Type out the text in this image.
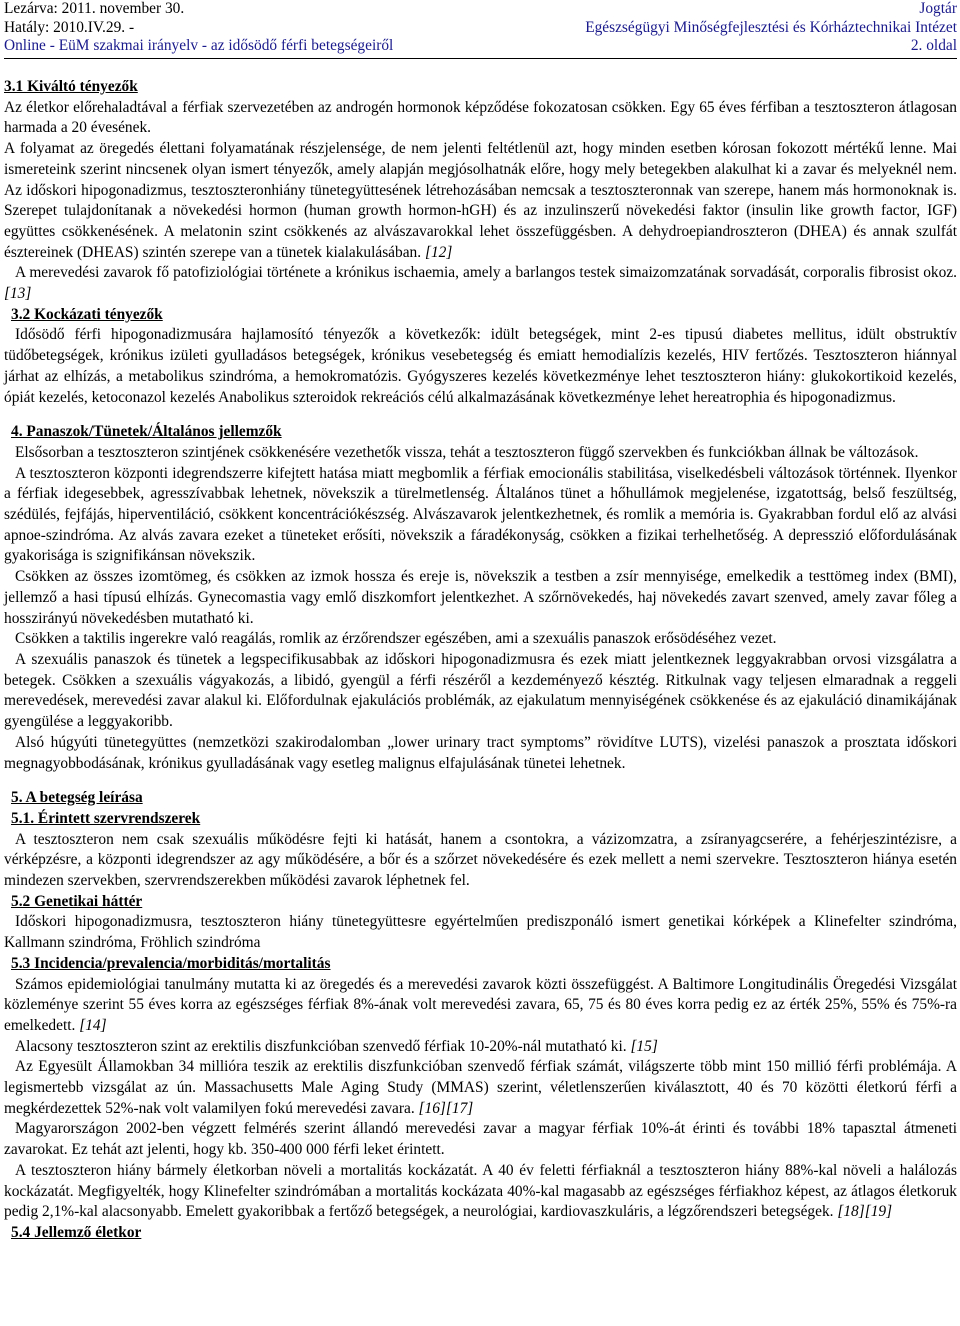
Lezárva: 2011. november 30.	Jogtár
Hatály: 2010.IV.29. -	Egészségügyi Minőségfejlesztési és Kórháztechnikai Intézet
Online - EüM szakmai irányelv - az idősödő férfi betegségeiről	2. oldal

3.1 Kiváltó tényezők

Az életkor előrehaladtával a férfiak szervezetében az androgén hormonok képződése fokozatosan csökken. Egy 65 éves férfiban a tesztoszteron átlagosan harmada a 20 évesének.

A folyamat az öregedés élettani folyamatának részjelensége, de nem jelenti feltétlenül azt, hogy minden esetben kórosan fokozott mértékű lenne. Mai ismereteink szerint nincsenek olyan ismert tényezők, amely alapján megjósolhatnák előre, hogy mely betegekben alakulhat ki a zavar és melyeknél nem. Az időskori hipogonadizmus, tesztoszteronhiány tünetegyüttesének létrehozásában nemcsak a tesztoszteronnak van szerepe, hanem más hormonoknak is. Szerepet tulajdonítanak a növekedési hormon (human growth hormon-hGH) és az inzulinszerű növekedési faktor (insulin like growth factor, IGF) együttes csökkenésének. A melatonin szint csökkenés az alvászavarokkal lehet összefüggésben. A dehydroepiandroszteron (DHEA) és annak szulfát észtereinek (DHEAS) szintén szerepe van a tünetek kialakulásában. [12]

A merevedési zavarok fő patofiziológiai története a krónikus ischaemia, amely a barlangos testek simaizomzatának sorvadását, corporalis fibrosist okoz. [13]

3.2 Kockázati tényezők

Idősödő férfi hipogonadizmusára hajlamosító tényezők a következők: idült betegségek, mint 2-es tipusú diabetes mellitus, idült obstruktív tüdőbetegségek, krónikus izületi gyulladásos betegségek, krónikus vesebetegség és emiatt hemodialízis kezelés, HIV fertőzés. Tesztoszteron hiánnyal járhat az elhízás, a metabolikus szindróma, a hemokromatózis. Gyógyszeres kezelés következménye lehet tesztoszteron hiány: glukokortikoid kezelés, ópiát kezelés, ketoconazol kezelés Anabolikus szteroidok rekreációs célú alkalmazásának következménye lehet hereatrophia és hipogonadizmus.

4. Panaszok/Tünetek/Általános jellemzők

Elsősorban a tesztoszteron szintjének csökkenésére vezethetők vissza, tehát a tesztoszteron függő szervekben és funkciókban állnak be változások.

A tesztoszteron központi idegrendszerre kifejtett hatása miatt megbomlik a férfiak emocionális stabilitása, viselkedésbeli változások történnek. Ilyenkor a férfiak idegesebbek, agresszívabbak lehetnek, növekszik a türelmetlenség. Általános tünet a hőhullámok megjelenése, izgatottság, belső feszültség, szédülés, fejfájás, hiperventiláció, csökkent koncentrációkészség. Alvászavarok jelentkezhetnek, és romlik a memória is. Gyakrabban fordul elő az alvási apnoe-szindróma. Az alvás zavara ezeket a tüneteket erősíti, növekszik a fáradékonyság, csökken a fizikai terhelhetőség. A depresszió előfordulásának gyakorisága is szignifikánsan növekszik.

Csökken az összes izomtömeg, és csökken az izmok hossza és ereje is, növekszik a testben a zsír mennyisége, emelkedik a testtömeg index (BMI), jellemző a hasi típusú elhízás. Gynecomastia vagy emlő diszkomfort jelentkezhet. A szőrnövekedés, haj növekedés zavart szenved, amely zavar főleg a hosszirányú növekedésben mutatható ki.

Csökken a taktilis ingerekre való reagálás, romlik az érzőrendszer egészében, ami a szexuális panaszok erősödéséhez vezet.

A szexuális panaszok és tünetek a legspecifikusabbak az időskori hipogonadizmusra és ezek miatt jelentkeznek leggyakrabban orvosi vizsgálatra a betegek. Csökken a szexuális vágyakozás, a libidó, gyengül a férfi részéről a kezdeményező késztég. Ritkulnak vagy teljesen elmaradnak a reggeli merevedések, merevedési zavar alakul ki. Előfordulnak ejakulációs problémák, az ejakulatum mennyiségének csökkenése és az ejakuláció dinamikájának gyengülése a leggyakoribb.

Alsó húgyúti tünetegyüttes (nemzetközi szakirodalomban „lower urinary tract symptoms” rövidítve LUTS), vizelési panaszok a prosztata időskori megnagyobbodásának, krónikus gyulladásának vagy esetleg malignus elfajulásának tünetei lehetnek.

5. A betegség leírása

5.1. Érintett szervrendszerek

A tesztoszteron nem csak szexuális működésre fejti ki hatását, hanem a csontokra, a vázizomzatra, a zsíranyagcserére, a fehérjeszintézisre, a vérképzésre, a központi idegrendszer az agy működésére, a bőr és a szőrzet növekedésére és ezek mellett a nemi szervekre. Tesztoszteron hiánya esetén mindezen szervekben, szervrendszerekben működési zavarok léphetnek fel.

5.2 Genetikai háttér

Időskori hipogonadizmusra, tesztoszteron hiány tünetegyüttesre egyértelműen prediszponáló ismert genetikai kórképek a Klinefelter szindróma, Kallmann szindróma, Fröhlich szindróma

5.3 Incidencia/prevalencia/morbiditás/mortalitás

Számos epidemiológiai tanulmány mutatta ki az öregedés és a merevedési zavarok közti összefüggést. A Baltimore Longitudinális Öregedési Vizsgálat közleménye szerint 55 éves korra az egészséges férfiak 8%-ának volt merevedési zavara, 65, 75 és 80 éves korra pedig ez az érték 25%, 55% és 75%-ra emelkedett. [14]

Alacsony tesztoszteron szint az erektilis diszfunkcióban szenvedő férfiak 10-20%-nál mutatható ki. [15]

Az Egyesült Államokban 34 millióra teszik az erektilis diszfunkcióban szenvedő férfiak számát, világszerte több mint 150 millió férfi problémája. A legismertebb vizsgálat az ún. Massachusetts Male Aging Study (MMAS) szerint, véletlenszerűen kiválasztott, 40 és 70 közötti életkorú férfi a megkérdezettek 52%-nak volt valamilyen fokú merevedési zavara. [16][17]

Magyarországon 2002-ben végzett felmérés szerint állandó merevedési zavar a magyar férfiak 10%-át érinti és további 18% tapasztal átmeneti zavarokat. Ez tehát azt jelenti, hogy kb. 350-400 000 férfi leket érintett.

A tesztoszteron hiány bármely életkorban növeli a mortalitás kockázatát. A 40 év feletti férfiaknál a tesztoszteron hiány 88%-kal növeli a halálozás kockázatát. Megfigyelték, hogy Klinefelter szindrómában a mortalitás kockázata 40%-kal magasabb az egészséges férfiakhoz képest, az átlagos életkoruk pedig 2,1%-kal alacsonyabb. Emelett gyakoribbak a fertőző betegségek, a neurológiai, kardiovaszkuláris, a légzőrendszeri betegségek. [18][19]

5.4 Jellemző életkor
